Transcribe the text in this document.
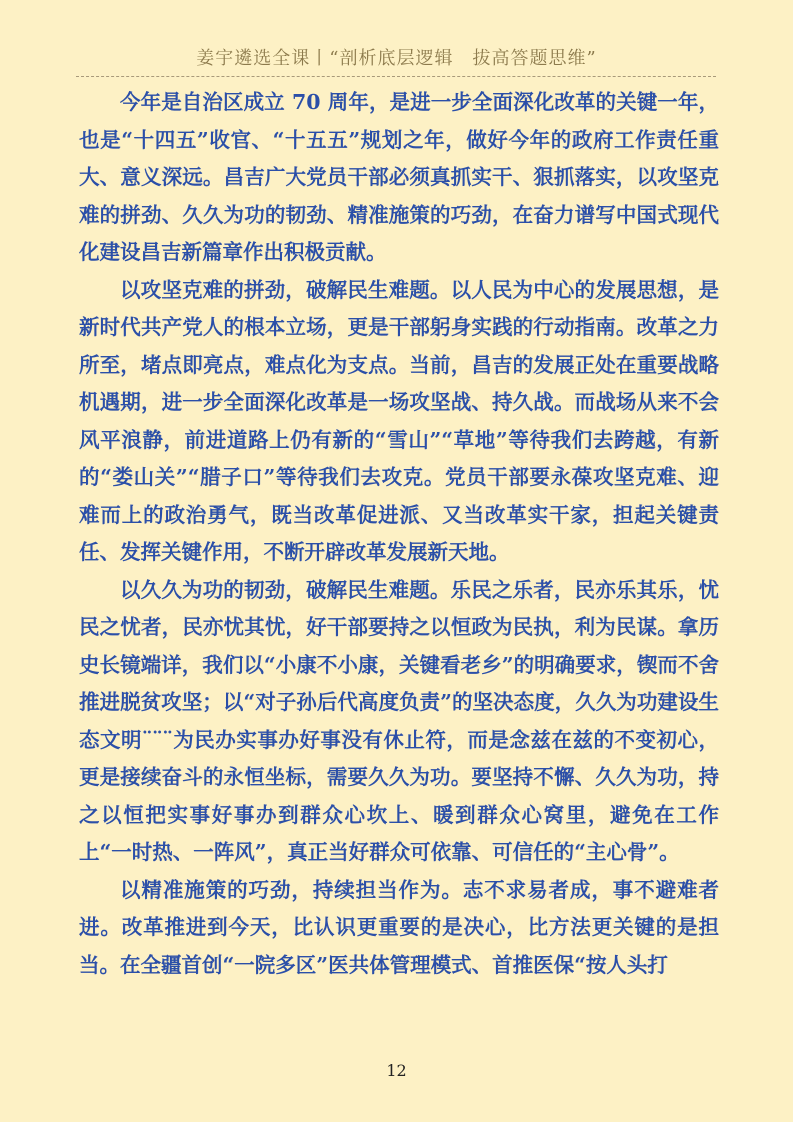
姜宇遴选全课丨“剖析底层逻辑　拔高答题思维”

今年是自治区成立 70 周年，是进一步全面深化改革的关键一年，也是“十四五”收官、“十五五”规划之年，做好今年的政府工作责任重大、意义深远。昌吉广大党员干部必须真抓实干、狠抓落实，以攻坚克难的拼劲、久久为功的韧劲、精准施策的巧劲，在奋力谱写中国式现代化建设昌吉新篇章作出积极贡献。

以攻坚克难的拼劲，破解民生难题。以人民为中心的发展思想，是新时代共产党人的根本立场，更是干部躬身实践的行动指南。改革之力所至，堵点即亮点，难点化为支点。当前，昌吉的发展正处在重要战略机遇期，进一步全面深化改革是一场攻坚战、持久战。而战场从来不会风平浪静，前进道路上仍有新的“雪山”“草地”等待我们去跨越，有新的“娄山关”“腊子口”等待我们去攻克。党员干部要永葆攻坚克难、迎难而上的政治勇气，既当改革促进派、又当改革实干家，担起关键责任、发挥关键作用，不断开辟改革发展新天地。

以久久为功的韧劲，破解民生难题。乐民之乐者，民亦乐其乐，忧民之忧者，民亦忧其忧，好干部要持之以恒政为民执，利为民谋。拿历史长镜端详，我们以“小康不小康，关键看老乡”的明确要求，锲而不舍推进脱贫攻坚；以“对子孙后代高度负责”的坚决态度，久久为功建设生态文明¨¨¨为民办实事办好事没有休止符，而是念兹在兹的不变初心，更是接续奋斗的永恒坐标，需要久久为功。要坚持不懈、久久为功，持之以恒把实事好事办到群众心坎上、暖到群众心窝里，避免在工作上“一时热、一阵风”，真正当好群众可依靠、可信任的“主心骨”。

以精准施策的巧劲，持续担当作为。志不求易者成，事不避难者进。改革推进到今天，比认识更重要的是决心，比方法更关键的是担当。在全疆首创“一院多区”医共体管理模式、首推医保“按人头打

12
